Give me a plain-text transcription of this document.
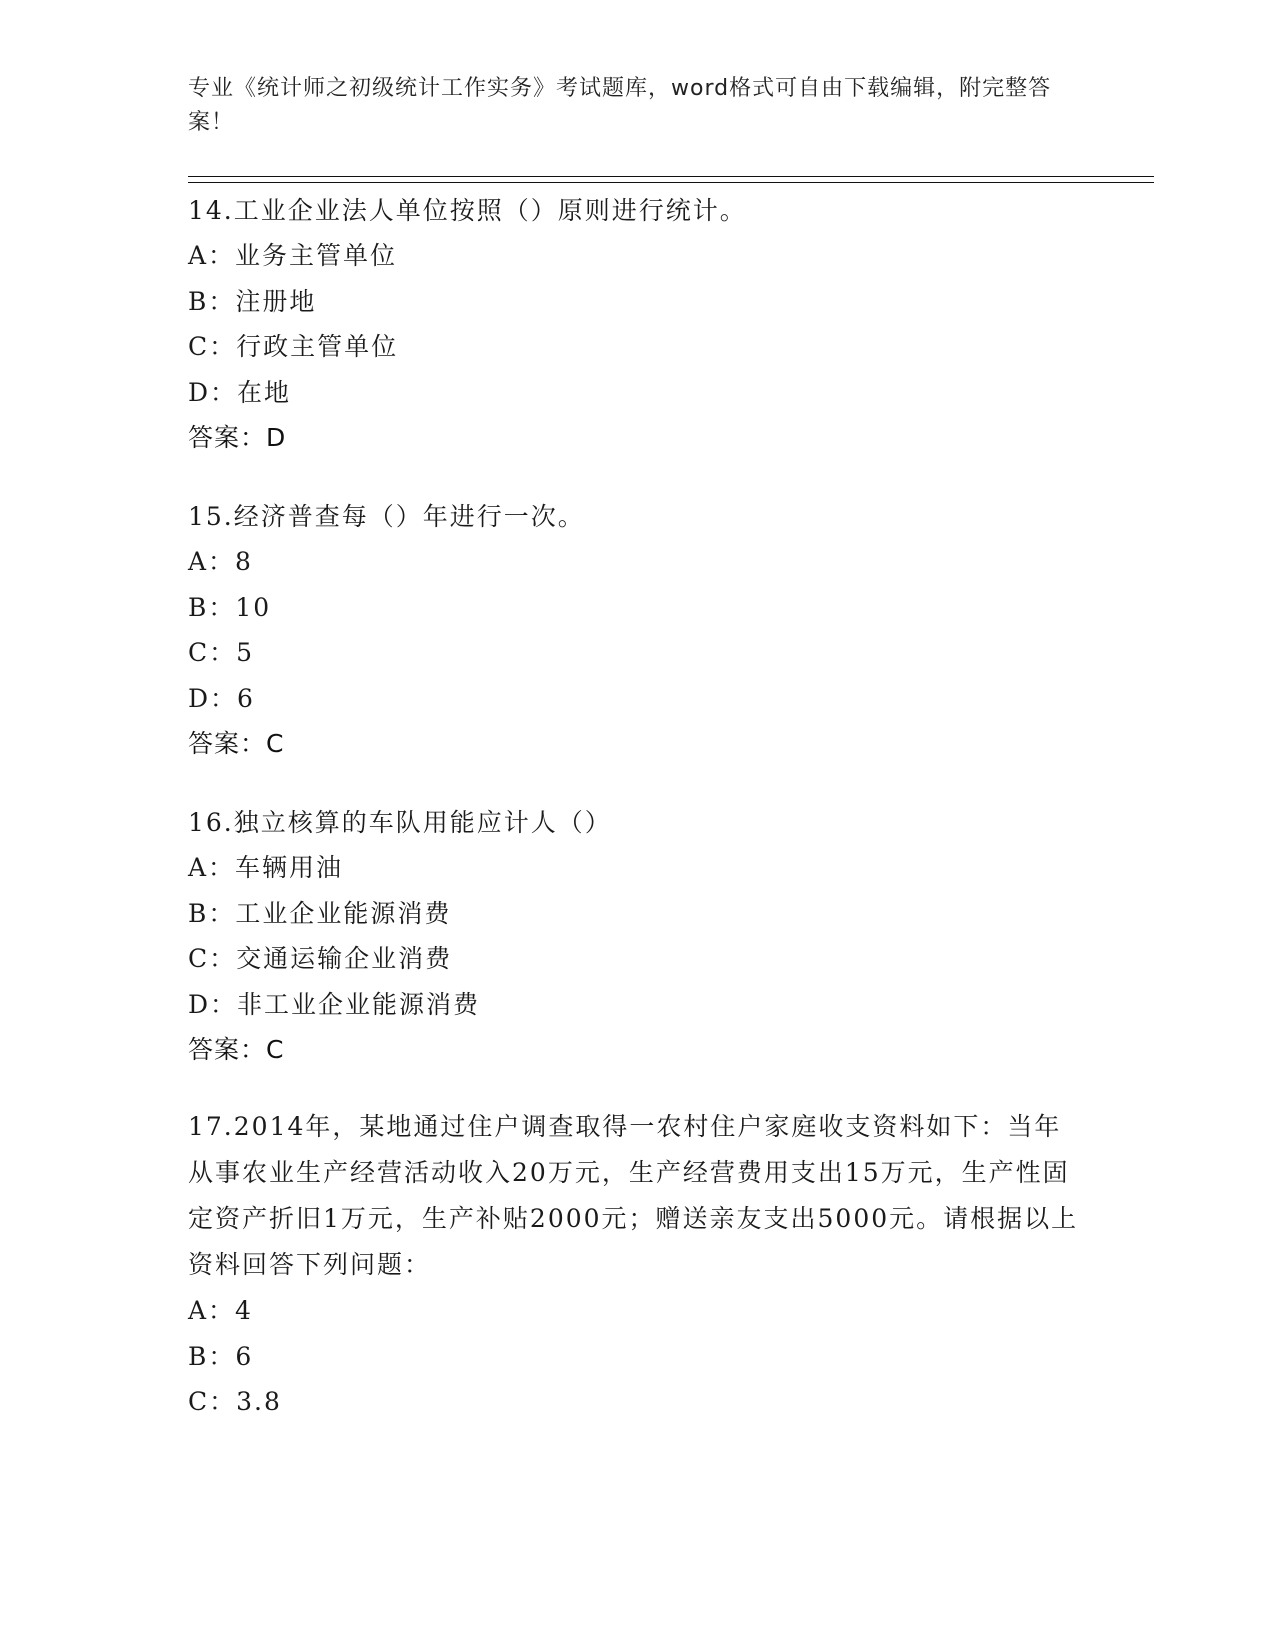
专业《统计师之初级统计工作实务》考试题库，word格式可自由下载编辑，附完整答案！
14.工业企业法人单位按照（）原则进行统计。
A：业务主管单位
B：注册地
C：行政主管单位
D：在地
答案：D
15.经济普查每（）年进行一次。
A：8
B：10
C：5
D：6
答案：C
16.独立核算的车队用能应计人（）
A：车辆用油
B：工业企业能源消费
C：交通运输企业消费
D：非工业企业能源消费
答案：C
17.2014年，某地通过住户调查取得一农村住户家庭收支资料如下：当年从事农业生产经营活动收入20万元，生产经营费用支出15万元，生产性固定资产折旧1万元，生产补贴2000元；赠送亲友支出5000元。请根据以上资料回答下列问题：
A：4
B：6
C：3.8
